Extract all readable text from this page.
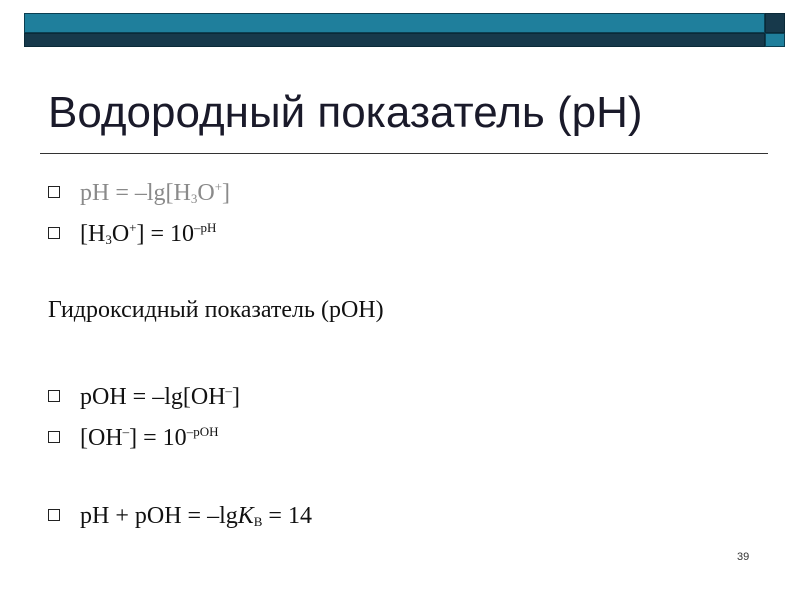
Водородный показатель (pH)
pH = $-\lg[H_3O^+]$
$[H_3O^+] = 10^{-pH}$
Гидроксидный показатель (pOH)
pOH = –lg[OH–]
$[OH^-] = 10^{-pOH}$
pH + pOH = –lgK$_B$ = 14
39
